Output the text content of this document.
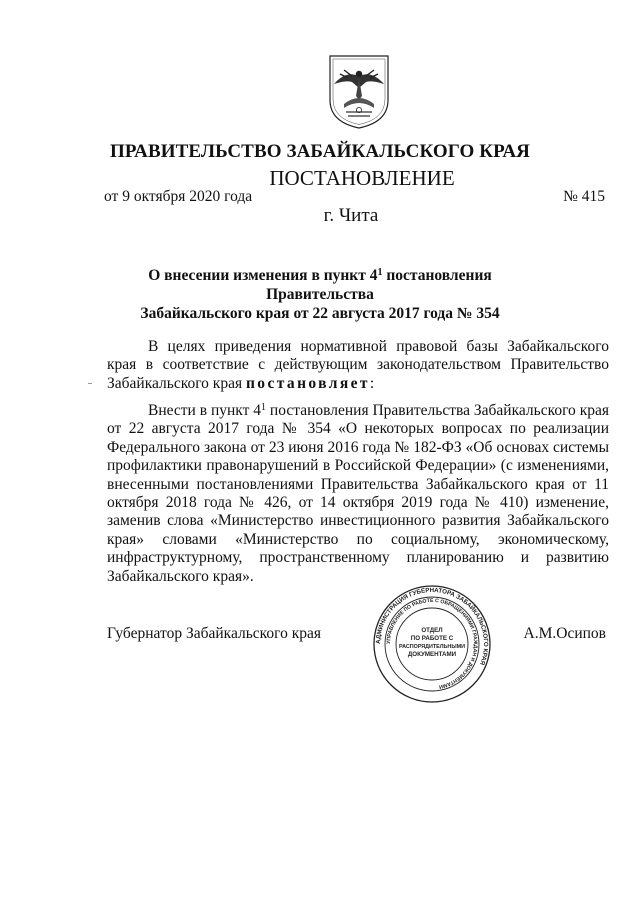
ПРАВИТЕЛЬСТВО ЗАБАЙКАЛЬСКОГО КРАЯ
ПОСТАНОВЛЕНИЕ
от 9 октября 2020 года	№ 415
г. Чита
О внесении изменения в пункт $4^1$ постановления Правительства
Забайкальского края от 22 августа 2017 года № 354
В целях приведения нормативной правовой базы Забайкальского края в соответствие с действующим законодательством Правительство Забайкальского края постановляет:
Внести в пункт $4^1$ постановления Правительства Забайкальского края от 22 августа 2017 года № 354 «О некоторых вопросах по реализации Федерального закона от 23 июня 2016 года № 182-ФЗ «Об основах системы профилактики правонарушений в Российской Федерации» (с изменениями, внесенными постановлениями Правительства Забайкальского края от 11 октября 2018 года № 426, от 14 октября 2019 года № 410) изменение, заменив слова «Министерство инвестиционного развития Забайкальского края» словами «Министерство по социальному, экономическому, инфраструктурному, пространственному планированию и развитию Забайкальского края».
Губернатор Забайкальского края	А.М.Осипов
АДМИНИСТРАЦИЯ ГУБЕРНАТОРА ЗАБАЙКАЛЬСКОГО КРАЯ
УПРАВЛЕНИЕ ПО РАБОТЕ С ОБРАЩЕНИЯМИ ГРАЖДАН И ДОКУМЕНТАМИ
ОТДЕЛ
ПО РАБОТЕ С
РАСПОРЯДИТЕЛЬНЫМИ
ДОКУМЕНТАМИ
